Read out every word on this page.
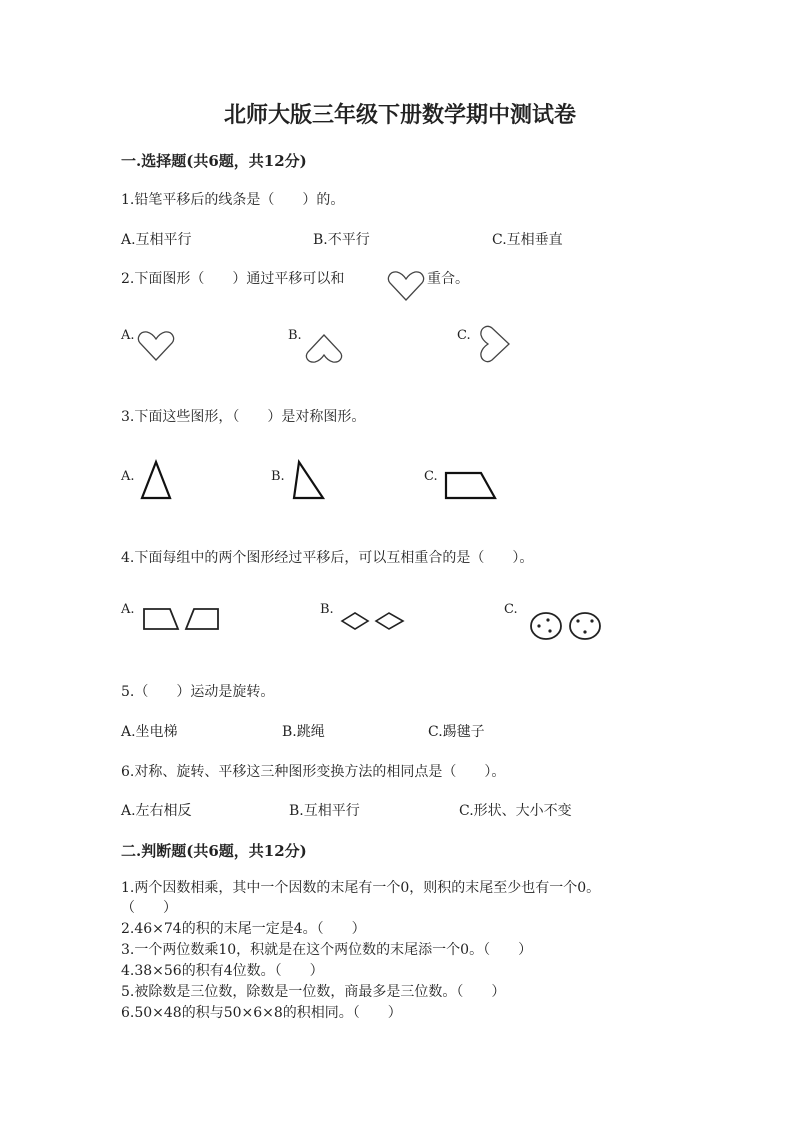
北师大版三年级下册数学期中测试卷
一.选择题(共6题，共12分)
1.铅笔平移后的线条是（　　）的。
A.互相平行	B.不平行	C.互相垂直
2.下面图形（　　）通过平移可以和	重合。
A.	B.	C.
3.下面这些图形，（　　）是对称图形。
A.	B.	C.
4.下面每组中的两个图形经过平移后，可以互相重合的是（　　）。
A.	B.	C.
5.（　　）运动是旋转。
A.坐电梯	B.跳绳	C.踢毽子
6.对称、旋转、平移这三种图形变换方法的相同点是（　　）。
A.左右相反	B.互相平行	C.形状、大小不变
二.判断题(共6题，共12分)
1.两个因数相乘，其中一个因数的末尾有一个0，则积的末尾至少也有一个0。
（　　）
2.46×74的积的末尾一定是4。（　　）
3.一个两位数乘10，积就是在这个两位数的末尾添一个0。（　　）
4.38×56的积有4位数。（　　）
5.被除数是三位数，除数是一位数，商最多是三位数。（　　）
6.50×48的积与50×6×8的积相同。（　　）
